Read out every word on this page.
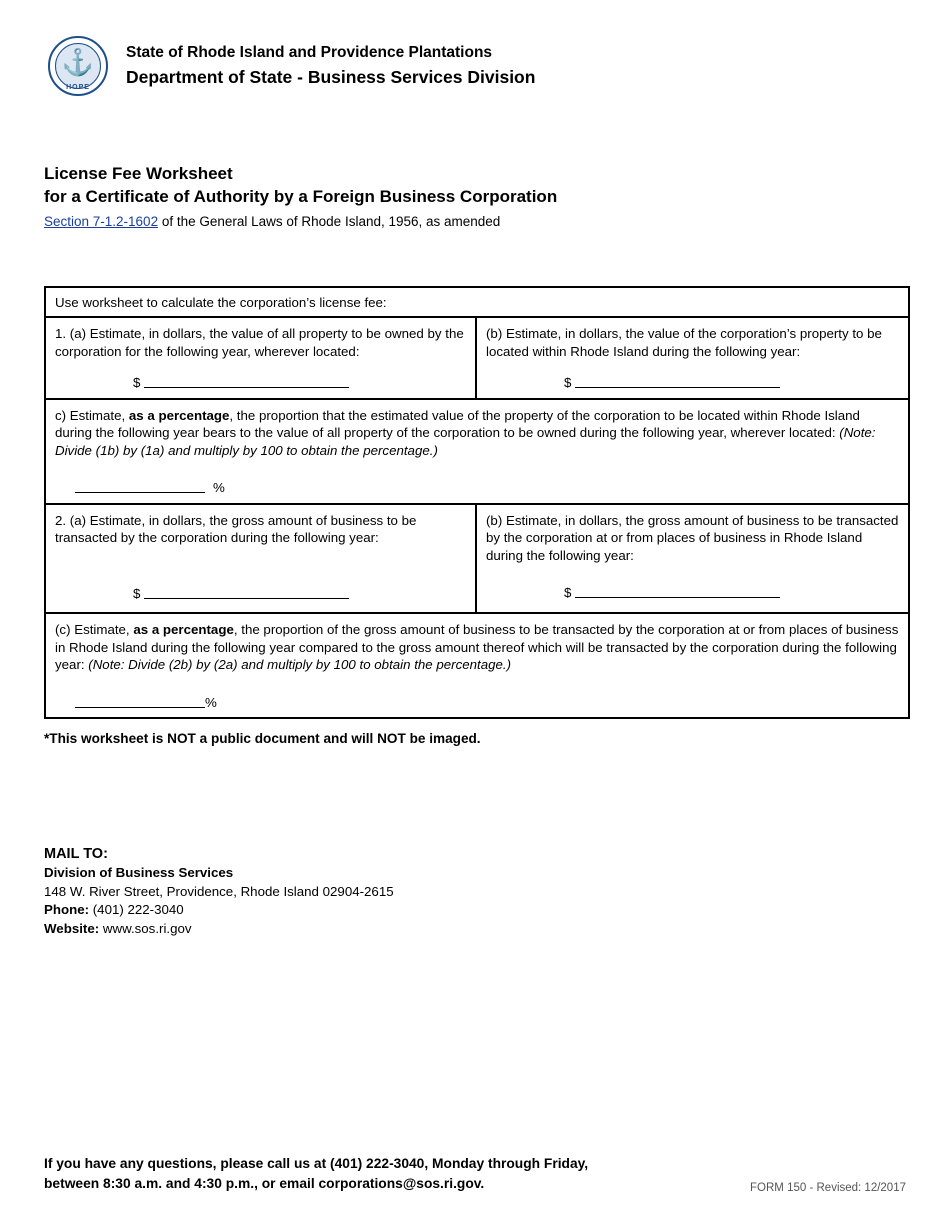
⚓
HOPE
State of Rhode Island and Providence Plantations
Department of State - Business Services Division
License Fee Worksheet
for a Certificate of Authority by a Foreign Business Corporation
Section 7-1.2-1602 of the General Laws of Rhode Island, 1956, as amended
Use worksheet to calculate the corporation’s license fee:
1. (a) Estimate, in dollars, the value of all property to be owned by the corporation for the following year, wherever located:
$
(b) Estimate, in dollars, the value of the corporation’s property to be located within Rhode Island during the following year:
$
c) Estimate, as a percentage, the proportion that the estimated value of the property of the corporation to be located within Rhode Island during the following year bears to the value of all property of the corporation to be owned during the following year, wherever located: (Note: Divide (1b) by (1a) and multiply by 100 to obtain the percentage.)
%
2. (a) Estimate, in dollars, the gross amount of business to be transacted by the corporation during the following year:
$
(b) Estimate, in dollars, the gross amount of business to be transacted by the corporation at or from places of business in Rhode Island during the following year:
$
(c) Estimate, as a percentage, the proportion of the gross amount of business to be transacted by the corporation at or from places of business in Rhode Island during the following year compared to the gross amount thereof which will be transacted by the corporation during the following year: (Note: Divide (2b) by (2a) and multiply by 100 to obtain the percentage.)
%
*This worksheet is NOT a public document and will NOT be imaged.
MAIL TO:
Division of Business Services
148 W. River Street, Providence, Rhode Island 02904-2615
Phone: (401) 222-3040
Website: www.sos.ri.gov
If you have any questions, please call us at (401) 222-3040, Monday through Friday,
between 8:30 a.m. and 4:30 p.m., or email corporations@sos.ri.gov.	FORM 150 - Revised: 12/2017
